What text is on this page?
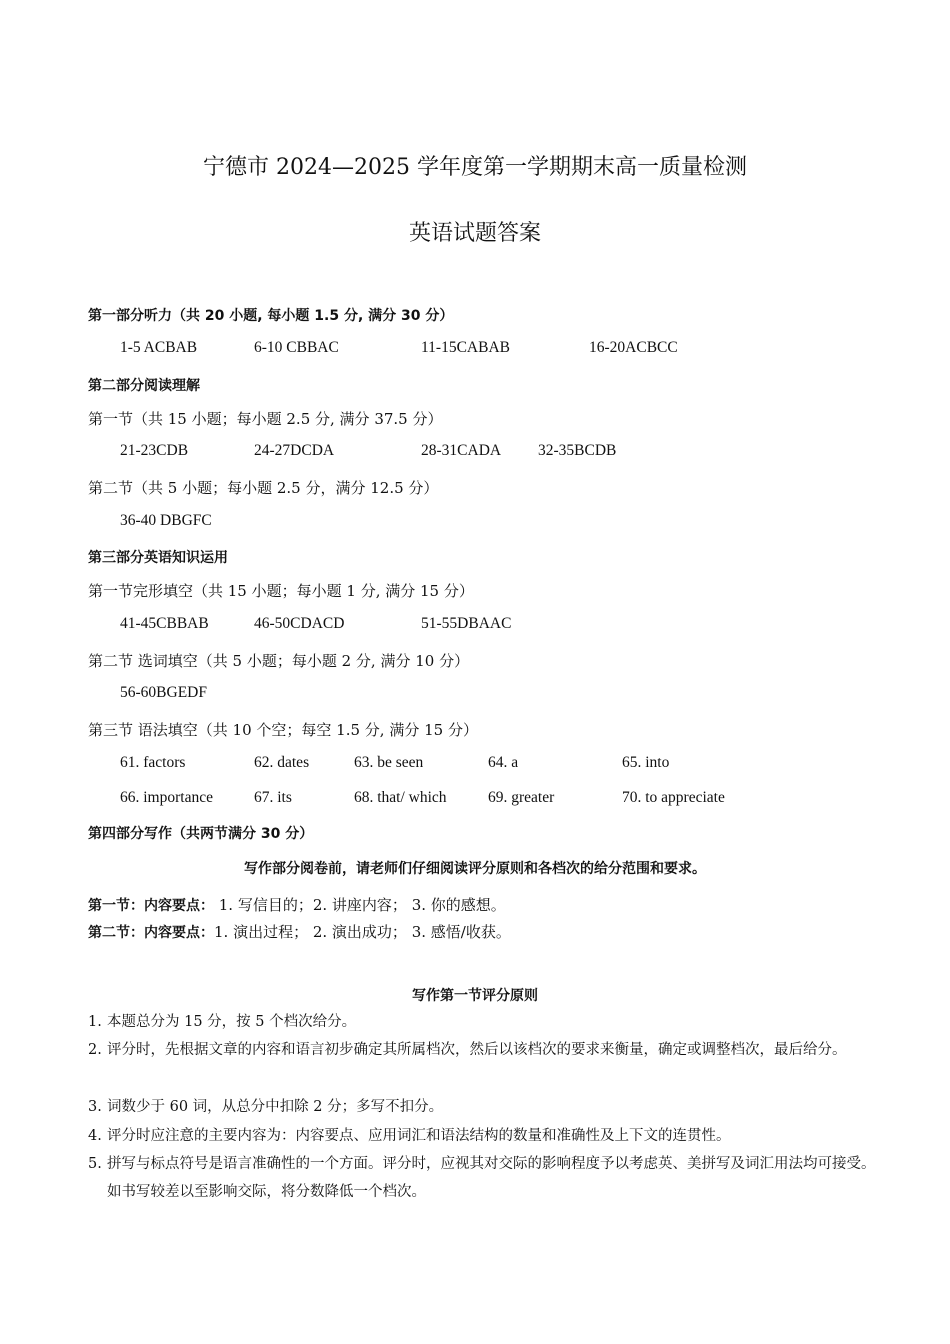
宁德市 2024—2025 学年度第一学期期末高一质量检测
英语试题答案
第一部分听力（共 20 小题, 每小题 1.5 分, 满分 30 分）
1-5 ACBAB	6-10 CBBAC	11-15CABAB	16-20ACBCC
第二部分阅读理解
第一节（共 15 小题；每小题 2.5 分, 满分 37.5 分）
21-23CDB	24-27DCDA	28-31CADA 32-35BCDB
第二节（共 5 小题；每小题 2.5 分，满分 12.5 分）
36-40 DBGFC
第三部分英语知识运用
第一节完形填空（共 15 小题；每小题 1 分, 满分 15 分）
41-45CBBAB	46-50CDACD	51-55DBAAC
第二节 选词填空（共 5 小题；每小题 2 分, 满分 10 分）
56-60BGEDF
第三节 语法填空（共 10 个空；每空 1.5 分, 满分 15 分）
61. factors	62. dates	63. be seen	64. a	65. into
66. importance	67. its	68. that/ which	69. greater	70. to appreciate
第四部分写作（共两节满分 30 分）
写作部分阅卷前，请老师们仔细阅读评分原则和各档次的给分范围和要求。
第一节：内容要点： 1. 写信目的；2. 讲座内容； 3. 你的感想。
第二节：内容要点：1. 演出过程； 2. 演出成功； 3. 感悟/收获。
写作第一节评分原则
1. 本题总分为 15 分，按 5 个档次给分。
2. 评分时，先根据文章的内容和语言初步确定其所属档次，然后以该档次的要求来衡量，确定或调整档次，最后给分。
3. 词数少于 60 词，从总分中扣除 2 分；多写不扣分。
4. 评分时应注意的主要内容为：内容要点、应用词汇和语法结构的数量和准确性及上下文的连贯性。
5. 拼写与标点符号是语言准确性的一个方面。评分时，应视其对交际的影响程度予以考虑英、美拼写及词汇用法均可接受。如书写较差以至影响交际，将分数降低一个档次。
